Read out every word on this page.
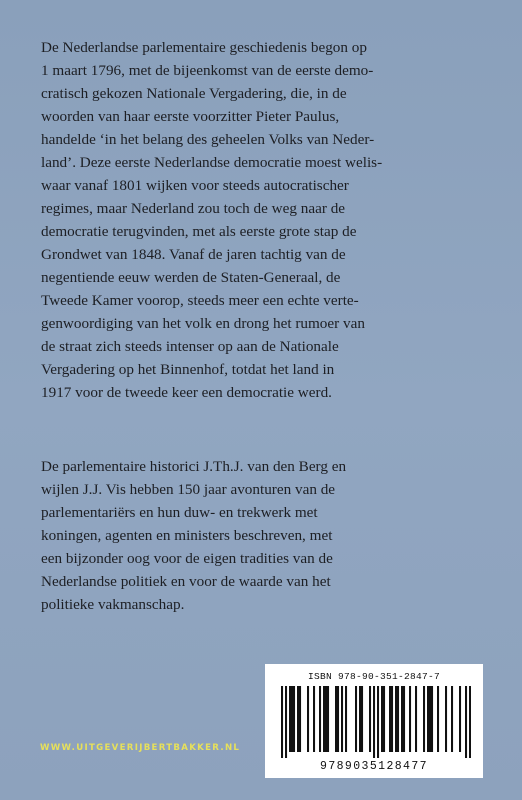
De Nederlandse parlementaire geschiedenis begon op
1 maart 1796, met de bijeenkomst van de eerste demo-
cratisch gekozen Nationale Vergadering, die, in de
woorden van haar eerste voorzitter Pieter Paulus,
handelde ‘in het belang des geheelen Volks van Neder-
land’. Deze eerste Nederlandse democratie moest welis-
waar vanaf 1801 wijken voor steeds autocratischer
regimes, maar Nederland zou toch de weg naar de
democratie terugvinden, met als eerste grote stap de
Grondwet van 1848. Vanaf de jaren tachtig van de
negentiende eeuw werden de Staten-Generaal, de
Tweede Kamer voorop, steeds meer een echte verte-
genwoordiging van het volk en drong het rumoer van
de straat zich steeds intenser op aan de Nationale
Vergadering op het Binnenhof, totdat het land in
1917 voor de tweede keer een democratie werd.

De parlementaire historici J.Th.J. van den Berg en
wijlen J.J. Vis hebben 150 jaar avonturen van de
parlementariërs en hun duw- en trekwerk met
koningen, agenten en ministers beschreven, met
een bijzonder oog voor de eigen tradities van de
Nederlandse politiek en voor de waarde van het
politieke vakmanschap.

WWW.UITGEVERIJBERTBAKKER.NL
ISBN 978-90-351-2847-7
9789035128477
